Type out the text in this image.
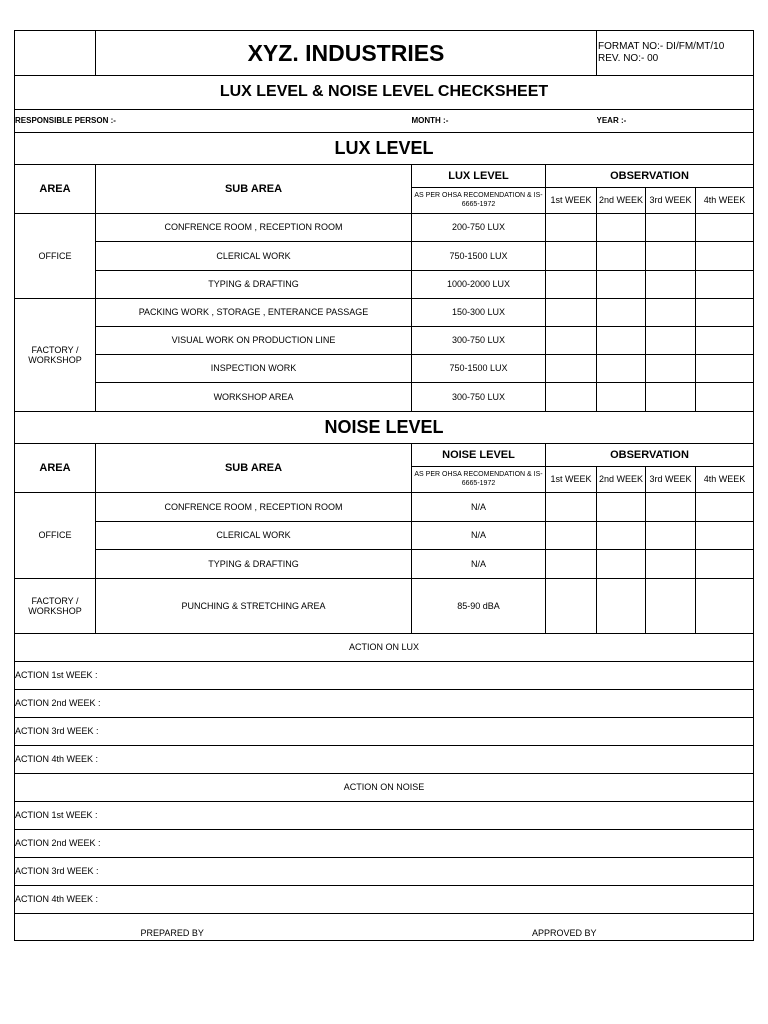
	XYZ. INDUSTRIES				FORMAT NO:- DI/FM/MT/10
REV. NO:- 00		

LUX LEVEL & NOISE LEVEL CHECKSHEET							
RESPONSIBLE PERSON :-			MONTH :-		YEAR :-		
LUX LEVEL							
AREA	SUB AREA		LUX LEVEL	OBSERVATION			
			AS PER OHSA RECOMENDATION & IS-6665-1972	1st WEEK	2nd WEEK	3rd WEEK	4th WEEK
OFFICE	CONFRENCE ROOM , RECEPTION ROOM		200-750 LUX				
	CLERICAL WORK		750-1500 LUX				
	TYPING & DRAFTING		1000-2000 LUX				
FACTORY / WORKSHOP	PACKING WORK , STORAGE , ENTERANCE PASSAGE		150-300 LUX				
	VISUAL WORK ON PRODUCTION LINE		300-750 LUX				
	INSPECTION WORK		750-1500 LUX				
	WORKSHOP AREA		300-750 LUX				
NOISE LEVEL							
AREA	SUB AREA		NOISE LEVEL	OBSERVATION			
			AS PER OHSA RECOMENDATION & IS-6665-1972	1st WEEK	2nd WEEK	3rd WEEK	4th WEEK
OFFICE	CONFRENCE ROOM , RECEPTION ROOM		N/A				
	CLERICAL WORK		N/A				
	TYPING & DRAFTING		N/A				
FACTORY / WORKSHOP	PUNCHING & STRETCHING AREA		85-90 dBA				
ACTION ON LUX							
ACTION 1st WEEK :							
ACTION 2nd WEEK :							
ACTION 3rd WEEK :							
ACTION 4th WEEK :							
ACTION ON NOISE							
ACTION 1st WEEK :							
ACTION 2nd WEEK :							
ACTION 3rd WEEK :							
ACTION 4th WEEK :							
		PREPARED BY	APPROVED BY				
